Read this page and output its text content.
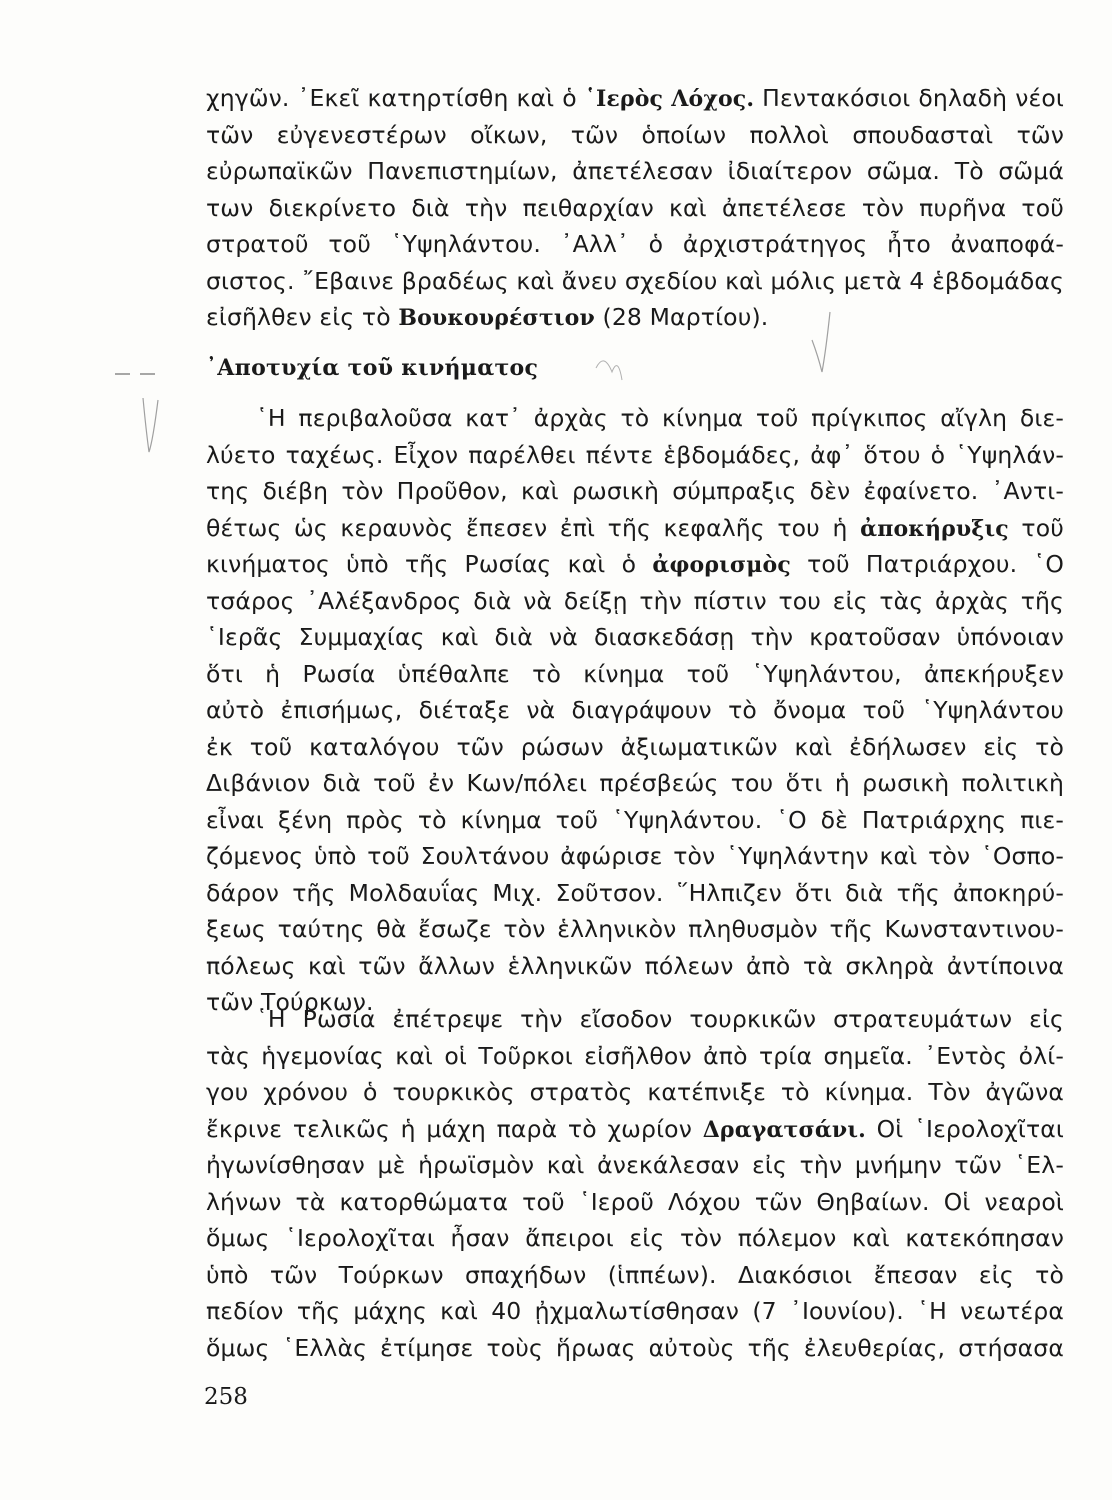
χηγῶν. ᾿Εκεῖ κατηρτίσθη καὶ ὁ ῾Ιερὸς Λόχος. Πεντακόσιοι δηλαδὴ νέοι
τῶν εὐγενεστέρων οἴκων, τῶν ὁποίων πολλοὶ σπουδασταὶ τῶν
εὐρωπαϊκῶν Πανεπιστημίων, ἀπετέλεσαν ἰδιαίτερον σῶμα. Τὸ σῶμά
των διεκρίνετο διὰ τὴν πειθαρχίαν καὶ ἀπετέλεσε τὸν πυρῆνα τοῦ
στρατοῦ τοῦ ῾Υψηλάντου. ᾿Αλλ᾿ ὁ ἀρχιστράτηγος ἦτο ἀναποφά-
σιστος. ῎Εβαινε βραδέως καὶ ἄνευ σχεδίου καὶ μόλις μετὰ 4 ἑβδομάδας
εἰσῆλθεν εἰς τὸ Βουκουρέστιον (28 Μαρτίου).
᾿Αποτυχία τοῦ κινήματος
῾Η περιβαλοῦσα κατ᾿ ἀρχὰς τὸ κίνημα τοῦ πρίγκιπος αἴγλη διε-
λύετο ταχέως. Εἶχον παρέλθει πέντε ἑβδομάδες, ἀφ᾿ ὅτου ὁ ῾Υψηλάν-
της διέβη τὸν Προῦθον, καὶ ρωσικὴ σύμπραξις δὲν ἐφαίνετο. ᾿Αντι-
θέτως ὡς κεραυνὸς ἔπεσεν ἐπὶ τῆς κεφαλῆς του ἡ ἀποκήρυξις τοῦ
κινήματος ὑπὸ τῆς Ρωσίας καὶ ὁ ἀφορισμὸς τοῦ Πατριάρχου. ῾Ο
τσάρος ᾿Αλέξανδρος διὰ νὰ δείξῃ τὴν πίστιν του εἰς τὰς ἀρχὰς τῆς
῾Ιερᾶς Συμμαχίας καὶ διὰ νὰ διασκεδάσῃ τὴν κρατοῦσαν ὑπόνοιαν
ὅτι ἡ Ρωσία ὑπέθαλπε τὸ κίνημα τοῦ ῾Υψηλάντου, ἀπεκήρυξεν
αὐτὸ ἐπισήμως, διέταξε νὰ διαγράψουν τὸ ὄνομα τοῦ ῾Υψηλάντου
ἐκ τοῦ καταλόγου τῶν ρώσων ἀξιωματικῶν καὶ ἐδήλωσεν εἰς τὸ
Διβάνιον διὰ τοῦ ἐν Κων/πόλει πρέσβεώς του ὅτι ἡ ρωσικὴ πολιτικὴ
εἶναι ξένη πρὸς τὸ κίνημα τοῦ ῾Υψηλάντου. ῾Ο δὲ Πατριάρχης πιε-
ζόμενος ὑπὸ τοῦ Σουλτάνου ἀφώρισε τὸν ῾Υψηλάντην καὶ τὸν ῾Οσπο-
δάρον τῆς Μολδαυΐας Μιχ. Σοῦτσον. ῞Ηλπιζεν ὅτι διὰ τῆς ἀποκηρύ-
ξεως ταύτης θὰ ἔσωζε τὸν ἑλληνικὸν πληθυσμὸν τῆς Κωνσταντινου-
πόλεως καὶ τῶν ἄλλων ἑλληνικῶν πόλεων ἀπὸ τὰ σκληρὰ ἀντίποινα
τῶν Τούρκων.
῾Η Ρωσία ἐπέτρεψε τὴν εἴσοδον τουρκικῶν στρατευμάτων εἰς
τὰς ἡγεμονίας καὶ οἱ Τοῦρκοι εἰσῆλθον ἀπὸ τρία σημεῖα. ᾿Εντὸς ὀλί-
γου χρόνου ὁ τουρκικὸς στρατὸς κατέπνιξε τὸ κίνημα. Τὸν ἀγῶνα
ἔκρινε τελικῶς ἡ μάχη παρὰ τὸ χωρίον Δραγατσάνι. Οἱ ῾Ιερολοχῖται
ἠγωνίσθησαν μὲ ἡρωϊσμὸν καὶ ἀνεκάλεσαν εἰς τὴν μνήμην τῶν ῾Ελ-
λήνων τὰ κατορθώματα τοῦ ῾Ιεροῦ Λόχου τῶν Θηβαίων. Οἱ νεαροὶ
ὅμως ῾Ιερολοχῖται ἦσαν ἄπειροι εἰς τὸν πόλεμον καὶ κατεκόπησαν
ὑπὸ τῶν Τούρκων σπαχήδων (ἱππέων). Διακόσιοι ἔπεσαν εἰς τὸ
πεδίον τῆς μάχης καὶ 40 ᾐχμαλωτίσθησαν (7 ᾿Ιουνίου). ῾Η νεωτέρα
ὅμως ῾Ελλὰς ἐτίμησε τοὺς ἥρωας αὐτοὺς τῆς ἐλευθερίας, στήσασα
258
